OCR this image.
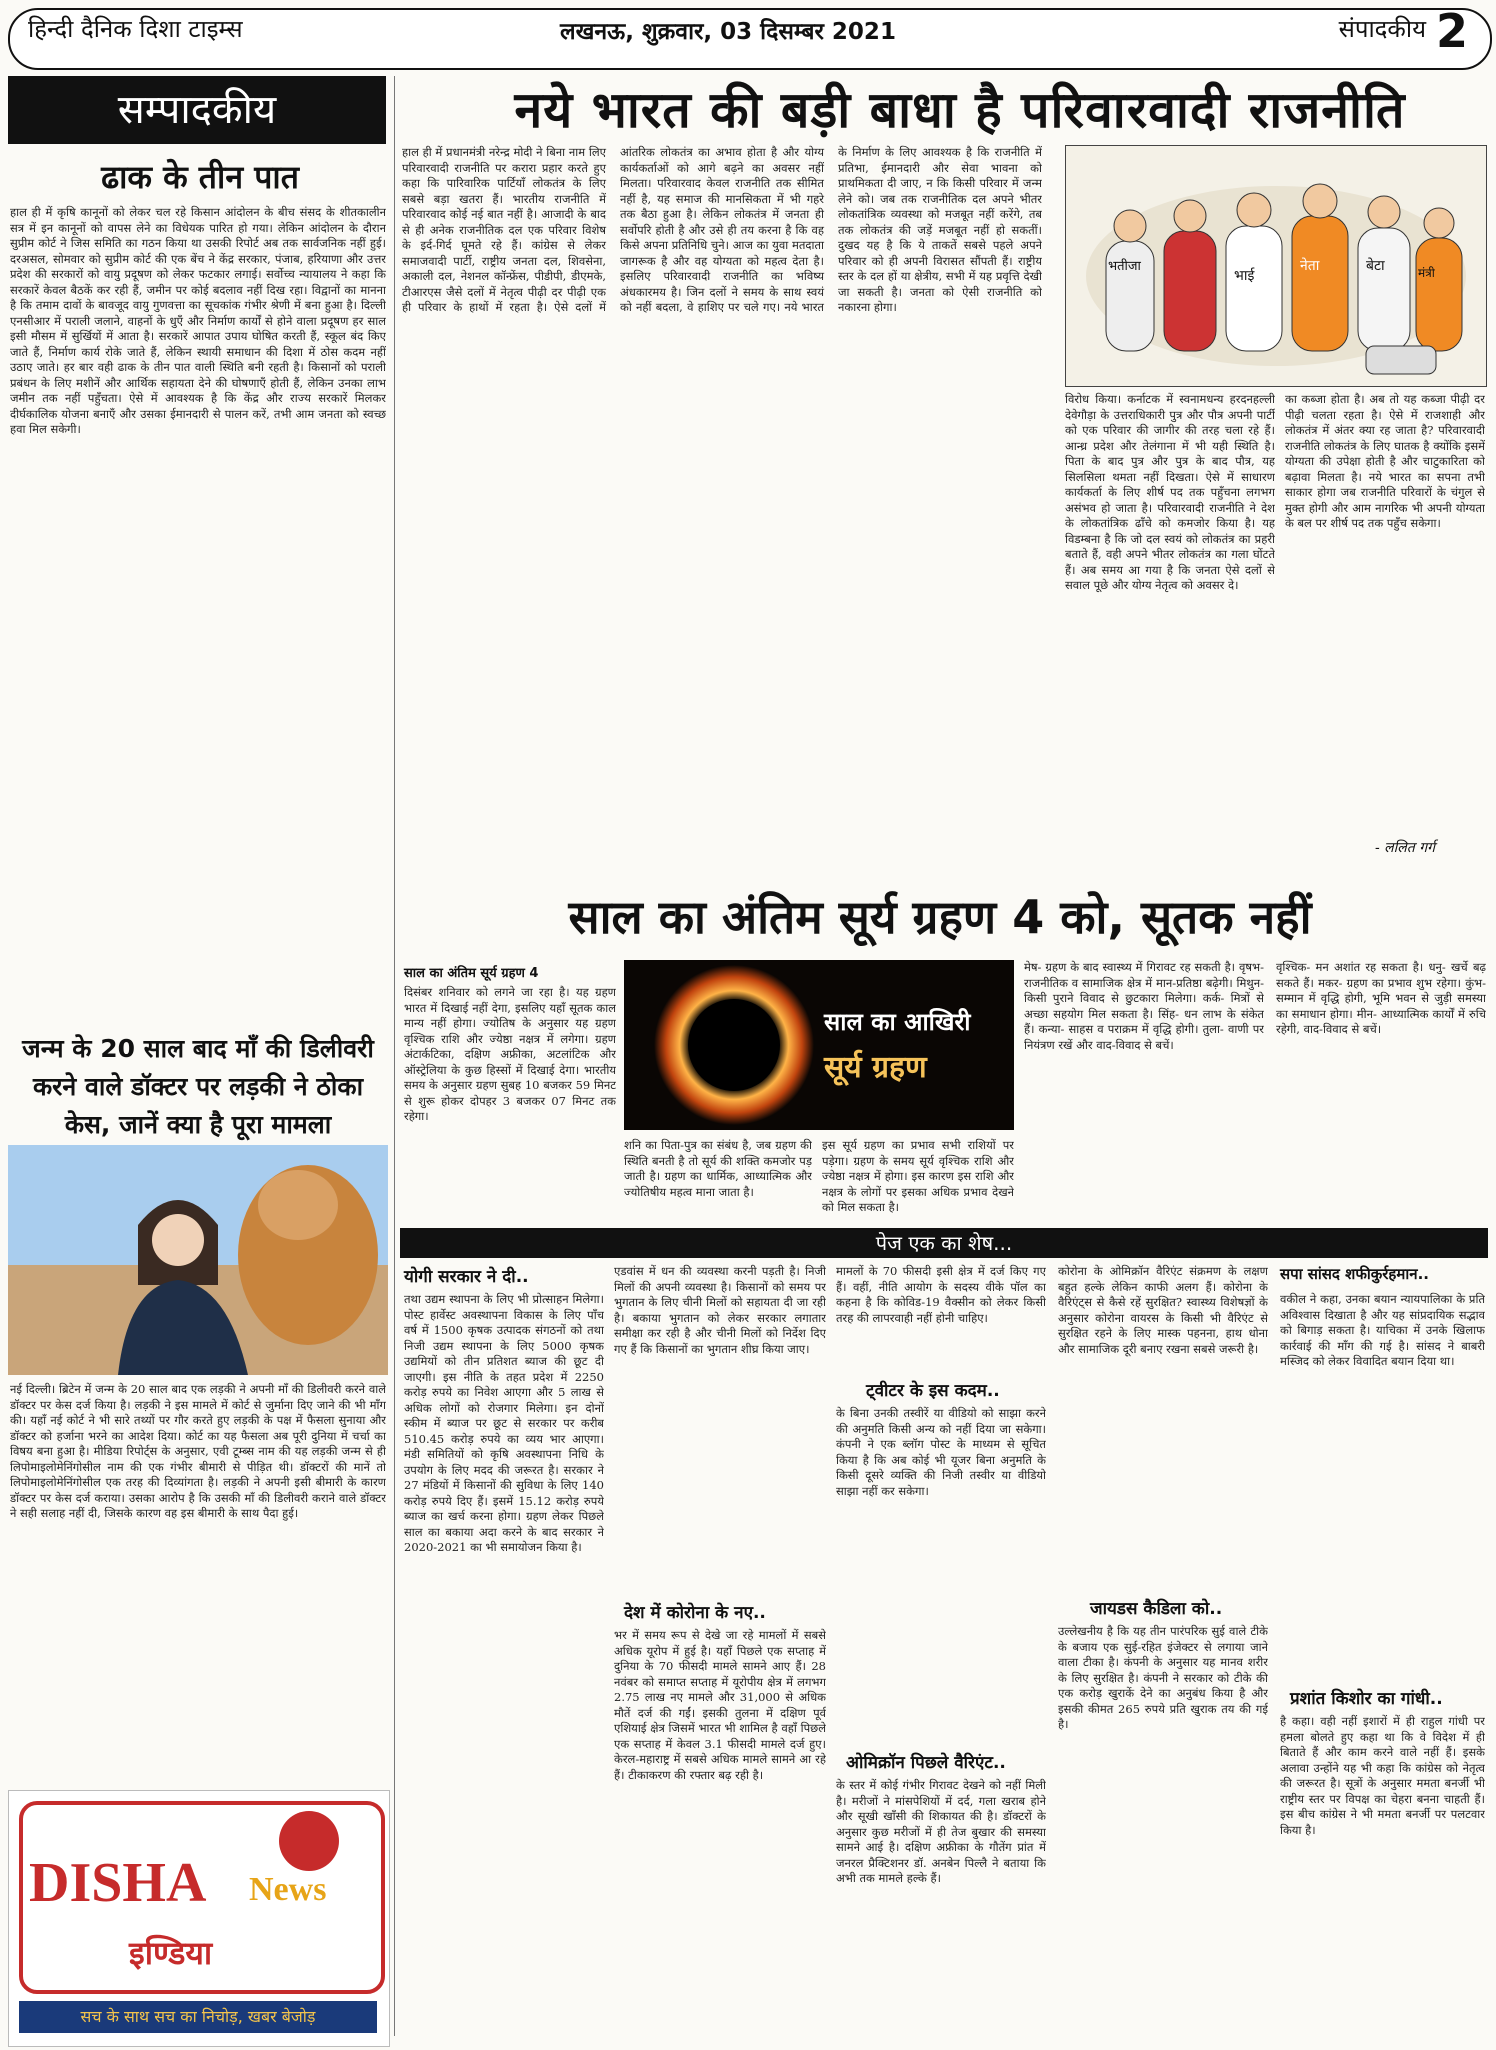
हिन्दी दैनिक दिशा टाइम्स	लखनऊ, शुक्रवार, 03 दिसम्बर 2021	संपादकीय 2
सम्पादकीय
ढाक के तीन पात
हाल ही में कृषि कानूनों को लेकर चल रहे किसान आंदोलन के बीच संसद के शीतकालीन सत्र में इन कानूनों को वापस लेने का विधेयक पारित हो गया। लेकिन आंदोलन के दौरान सुप्रीम कोर्ट ने जिस समिति का गठन किया था उसकी रिपोर्ट अब तक सार्वजनिक नहीं हुई। दरअसल, सोमवार को सुप्रीम कोर्ट की एक बेंच ने केंद्र सरकार, पंजाब, हरियाणा और उत्तर प्रदेश की सरकारों को वायु प्रदूषण को लेकर फटकार लगाई। सर्वोच्च न्यायालय ने कहा कि सरकारें केवल बैठकें कर रही हैं, जमीन पर कोई बदलाव नहीं दिख रहा। विद्वानों का मानना है कि तमाम दावों के बावजूद वायु गुणवत्ता का सूचकांक गंभीर श्रेणी में बना हुआ है। दिल्ली एनसीआर में पराली जलाने, वाहनों के धुएँ और निर्माण कार्यों से होने वाला प्रदूषण हर साल इसी मौसम में सुर्खियों में आता है। सरकारें आपात उपाय घोषित करती हैं, स्कूल बंद किए जाते हैं, निर्माण कार्य रोके जाते हैं, लेकिन स्थायी समाधान की दिशा में ठोस कदम नहीं उठाए जाते। हर बार वही ढाक के तीन पात वाली स्थिति बनी रहती है। किसानों को पराली प्रबंधन के लिए मशीनें और आर्थिक सहायता देने की घोषणाएँ होती हैं, लेकिन उनका लाभ जमीन तक नहीं पहुँचता। ऐसे में आवश्यक है कि केंद्र और राज्य सरकारें मिलकर दीर्घकालिक योजना बनाएँ और उसका ईमानदारी से पालन करें, तभी आम जनता को स्वच्छ हवा मिल सकेगी।
नये भारत की बड़ी बाधा है परिवारवादी राजनीति
हाल ही में प्रधानमंत्री नरेन्द्र मोदी ने बिना नाम लिए परिवारवादी राजनीति पर करारा प्रहार करते हुए कहा कि पारिवारिक पार्टियाँ लोकतंत्र के लिए सबसे बड़ा खतरा हैं। भारतीय राजनीति में परिवारवाद कोई नई बात नहीं है। आजादी के बाद से ही अनेक राजनीतिक दल एक परिवार विशेष के इर्द-गिर्द घूमते रहे हैं। कांग्रेस से लेकर समाजवादी पार्टी, राष्ट्रीय जनता दल, शिवसेना, अकाली दल, नेशनल कॉन्फ्रेंस, पीडीपी, डीएमके, टीआरएस जैसे दलों में नेतृत्व पीढ़ी दर पीढ़ी एक ही परिवार के हाथों में रहता है। ऐसे दलों में आंतरिक लोकतंत्र का अभाव होता है और योग्य कार्यकर्ताओं को आगे बढ़ने का अवसर नहीं मिलता। परिवारवाद केवल राजनीति तक सीमित नहीं है, यह समाज की मानसिकता में भी गहरे तक बैठा हुआ है। लेकिन लोकतंत्र में जनता ही सर्वोपरि होती है और उसे ही तय करना है कि वह किसे अपना प्रतिनिधि चुने। आज का युवा मतदाता जागरूक है और वह योग्यता को महत्व देता है। इसलिए परिवारवादी राजनीति का भविष्य अंधकारमय है। जिन दलों ने समय के साथ स्वयं को नहीं बदला, वे हाशिए पर चले गए। नये भारत के निर्माण के लिए आवश्यक है कि राजनीति में प्रतिभा, ईमानदारी और सेवा भावना को प्राथमिकता दी जाए, न कि किसी परिवार में जन्म लेने को। जब तक राजनीतिक दल अपने भीतर लोकतांत्रिक व्यवस्था को मजबूत नहीं करेंगे, तब तक लोकतंत्र की जड़ें मजबूत नहीं हो सकतीं। दुखद यह है कि ये ताकतें सबसे पहले अपने परिवार को ही अपनी विरासत सौंपती हैं। राष्ट्रीय स्तर के दल हों या क्षेत्रीय, सभी में यह प्रवृत्ति देखी जा सकती है। जनता को ऐसी राजनीति को नकारना होगा।
भतीजा
भाई
नेता	बेटा	मंत्री
विरोध किया। कर्नाटक में स्वनामधन्य हरदनहल्ली देवेगौड़ा के उत्तराधिकारी पुत्र और पौत्र अपनी पार्टी को एक परिवार की जागीर की तरह चला रहे हैं। आन्ध्र प्रदेश और तेलंगाना में भी यही स्थिति है। पिता के बाद पुत्र और पुत्र के बाद पौत्र, यह सिलसिला थमता नहीं दिखता। ऐसे में साधारण कार्यकर्ता के लिए शीर्ष पद तक पहुँचना लगभग असंभव हो जाता है। परिवारवादी राजनीति ने देश के लोकतांत्रिक ढाँचे को कमजोर किया है। यह विडम्बना है कि जो दल स्वयं को लोकतंत्र का प्रहरी बताते हैं, वही अपने भीतर लोकतंत्र का गला घोंटते हैं। अब समय आ गया है कि जनता ऐसे दलों से सवाल पूछे और योग्य नेतृत्व को अवसर दे।
का कब्जा होता है। अब तो यह कब्जा पीढ़ी दर पीढ़ी चलता रहता है। ऐसे में राजशाही और लोकतंत्र में अंतर क्या रह जाता है? परिवारवादी राजनीति लोकतंत्र के लिए घातक है क्योंकि इसमें योग्यता की उपेक्षा होती है और चाटुकारिता को बढ़ावा मिलता है। नये भारत का सपना तभी साकार होगा जब राजनीति परिवारों के चंगुल से मुक्त होगी और आम नागरिक भी अपनी योग्यता के बल पर शीर्ष पद तक पहुँच सकेगा।
- ललित गर्ग
साल का अंतिम सूर्य ग्रहण 4 को, सूतक नहीं
साल का अंतिम सूर्य ग्रहण 4
दिसंबर शनिवार को लगने जा रहा है। यह ग्रहण भारत में दिखाई नहीं देगा, इसलिए यहाँ सूतक काल मान्य नहीं होगा। ज्योतिष के अनुसार यह ग्रहण वृश्चिक राशि और ज्येष्ठा नक्षत्र में लगेगा। ग्रहण अंटार्कटिका, दक्षिण अफ्रीका, अटलांटिक और ऑस्ट्रेलिया के कुछ हिस्सों में दिखाई देगा। भारतीय समय के अनुसार ग्रहण सुबह 10 बजकर 59 मिनट से शुरू होकर दोपहर 3 बजकर 07 मिनट तक रहेगा।
साल का आखिरी
सूर्य ग्रहण
शनि का पिता-पुत्र का संबंध है, जब ग्रहण की स्थिति बनती है तो सूर्य की शक्ति कमजोर पड़ जाती है। ग्रहण का धार्मिक, आध्यात्मिक और ज्योतिषीय महत्व माना जाता है।
इस सूर्य ग्रहण का प्रभाव सभी राशियों पर पड़ेगा। ग्रहण के समय सूर्य वृश्चिक राशि और ज्येष्ठा नक्षत्र में होगा। इस कारण इस राशि और नक्षत्र के लोगों पर इसका अधिक प्रभाव देखने को मिल सकता है।
मेष- ग्रहण के बाद स्वास्थ्य में गिरावट रह सकती है। वृषभ- राजनीतिक व सामाजिक क्षेत्र में मान-प्रतिष्ठा बढ़ेगी। मिथुन- किसी पुराने विवाद से छुटकारा मिलेगा। कर्क- मित्रों से अच्छा सहयोग मिल सकता है। सिंह- धन लाभ के संकेत हैं। कन्या- साहस व पराक्रम में वृद्धि होगी। तुला- वाणी पर नियंत्रण रखें और वाद-विवाद से बचें।
वृश्चिक- मन अशांत रह सकता है। धनु- खर्चे बढ़ सकते हैं। मकर- ग्रहण का प्रभाव शुभ रहेगा। कुंभ- सम्मान में वृद्धि होगी, भूमि भवन से जुड़ी समस्या का समाधान होगा। मीन- आध्यात्मिक कार्यों में रुचि रहेगी, वाद-विवाद से बचें।
पेज एक का शेष...
जन्म के 20 साल बाद माँ की डिलीवरी करने वाले डॉक्टर पर लड़की ने ठोका केस, जानें क्या है पूरा मामला
नई दिल्ली। ब्रिटेन में जन्म के 20 साल बाद एक लड़की ने अपनी माँ की डिलीवरी करने वाले डॉक्टर पर केस दर्ज किया है। लड़की ने इस मामले में कोर्ट से जुर्माना दिए जाने की भी माँग की। यहाँ नई कोर्ट ने भी सारे तथ्यों पर गौर करते हुए लड़की के पक्ष में फैसला सुनाया और डॉक्टर को हर्जाना भरने का आदेश दिया। कोर्ट का यह फैसला अब पूरी दुनिया में चर्चा का विषय बना हुआ है। मीडिया रिपोर्ट्स के अनुसार, एवी टूम्ब्स नाम की यह लड़की जन्म से ही लिपोमाइलोमेनिंगोसील नाम की एक गंभीर बीमारी से पीड़ित थी। डॉक्टरों की मानें तो लिपोमाइलोमेनिंगोसील एक तरह की दिव्यांगता है। लड़की ने अपनी इसी बीमारी के कारण डॉक्टर पर केस दर्ज कराया। उसका आरोप है कि उसकी माँ की डिलीवरी कराने वाले डॉक्टर ने सही सलाह नहीं दी, जिसके कारण वह इस बीमारी के साथ पैदा हुई।
DISHA News
इण्डिया
सच के साथ सच का निचोड़, खबर बेजोड़
योगी सरकार ने दी..
तथा उद्यम स्थापना के लिए भी प्रोत्साहन मिलेगा। पोस्ट हार्वेस्ट अवस्थापना विकास के लिए पाँच वर्ष में 1500 कृषक उत्पादक संगठनों को तथा निजी उद्यम स्थापना के लिए 5000 कृषक उद्यमियों को तीन प्रतिशत ब्याज की छूट दी जाएगी। इस नीति के तहत प्रदेश में 2250 करोड़ रुपये का निवेश आएगा और 5 लाख से अधिक लोगों को रोजगार मिलेगा। इन दोनों स्कीम में ब्याज पर छूट से सरकार पर करीब 510.45 करोड़ रुपये का व्यय भार आएगा। मंडी समितियों को कृषि अवस्थापना निधि के उपयोग के लिए मदद की जरूरत है। सरकार ने 27 मंडियों में किसानों की सुविधा के लिए 140 करोड़ रुपये दिए हैं। इसमें 15.12 करोड़ रुपये ब्याज का खर्च करना होगा। ग्रहण लेकर पिछले साल का बकाया अदा करने के बाद सरकार ने 2020-2021 का भी समायोजन किया है।
एडवांस में धन की व्यवस्था करनी पड़ती है। निजी मिलों की अपनी व्यवस्था है। किसानों को समय पर भुगतान के लिए चीनी मिलों को सहायता दी जा रही है। बकाया भुगतान को लेकर सरकार लगातार समीक्षा कर रही है और चीनी मिलों को निर्देश दिए गए हैं कि किसानों का भुगतान शीघ्र किया जाए।
देश में कोरोना के नए..
भर में समय रूप से देखे जा रहे मामलों में सबसे अधिक यूरोप में हुई है। यहाँ पिछले एक सप्ताह में दुनिया के 70 फीसदी मामले सामने आए हैं। 28 नवंबर को समाप्त सप्ताह में यूरोपीय क्षेत्र में लगभग 2.75 लाख नए मामले और 31,000 से अधिक मौतें दर्ज की गईं। इसकी तुलना में दक्षिण पूर्व एशियाई क्षेत्र जिसमें भारत भी शामिल है वहाँ पिछले एक सप्ताह में केवल 3.1 फीसदी मामले दर्ज हुए। केरल-महाराष्ट्र में सबसे अधिक मामले सामने आ रहे हैं। टीकाकरण की रफ्तार बढ़ रही है।
मामलों के 70 फीसदी इसी क्षेत्र में दर्ज किए गए हैं। वहीं, नीति आयोग के सदस्य वीके पॉल का कहना है कि कोविड-19 वैक्सीन को लेकर किसी तरह की लापरवाही नहीं होनी चाहिए।
ट्वीटर के इस कदम..
के बिना उनकी तस्वीरें या वीडियो को साझा करने की अनुमति किसी अन्य को नहीं दिया जा सकेगा। कंपनी ने एक ब्लॉग पोस्ट के माध्यम से सूचित किया है कि अब कोई भी यूजर बिना अनुमति के किसी दूसरे व्यक्ति की निजी तस्वीर या वीडियो साझा नहीं कर सकेगा।
ओमिक्रॉन पिछले वैरिएंट..
के स्तर में कोई गंभीर गिरावट देखने को नहीं मिली है। मरीजों ने मांसपेशियों में दर्द, गला खराब होने और सूखी खाँसी की शिकायत की है। डॉक्टरों के अनुसार कुछ मरीजों में ही तेज बुखार की समस्या सामने आई है। दक्षिण अफ्रीका के गौतेंग प्रांत में जनरल प्रैक्टिशनर डॉ. अनबेन पिल्लै ने बताया कि अभी तक मामले हल्के हैं।
कोरोना के ओमिक्रॉन वैरिएंट संक्रमण के लक्षण बहुत हल्के लेकिन काफी अलग हैं। कोरोना के वैरिएंट्स से कैसे रहें सुरक्षित? स्वास्थ्य विशेषज्ञों के अनुसार कोरोना वायरस के किसी भी वैरिएंट से सुरक्षित रहने के लिए मास्क पहनना, हाथ धोना और सामाजिक दूरी बनाए रखना सबसे जरूरी है।
जायडस कैडिला को..
उल्लेखनीय है कि यह तीन पारंपरिक सुई वाले टीके के बजाय एक सुई-रहित इंजेक्टर से लगाया जाने वाला टीका है। कंपनी के अनुसार यह मानव शरीर के लिए सुरक्षित है। कंपनी ने सरकार को टीके की एक करोड़ खुराकें देने का अनुबंध किया है और इसकी कीमत 265 रुपये प्रति खुराक तय की गई है।
सपा सांसद शफीकुर्रहमान..
वकील ने कहा, उनका बयान न्यायपालिका के प्रति अविश्वास दिखाता है और यह सांप्रदायिक सद्भाव को बिगाड़ सकता है। याचिका में उनके खिलाफ कार्रवाई की माँग की गई है। सांसद ने बाबरी मस्जिद को लेकर विवादित बयान दिया था।
प्रशांत किशोर का गांधी..
है कहा। वही नहीं इशारों में ही राहुल गांधी पर हमला बोलते हुए कहा था कि वे विदेश में ही बिताते हैं और काम करने वाले नहीं हैं। इसके अलावा उन्होंने यह भी कहा कि कांग्रेस को नेतृत्व की जरूरत है। सूत्रों के अनुसार ममता बनर्जी भी राष्ट्रीय स्तर पर विपक्ष का चेहरा बनना चाहती हैं। इस बीच कांग्रेस ने भी ममता बनर्जी पर पलटवार किया है।
